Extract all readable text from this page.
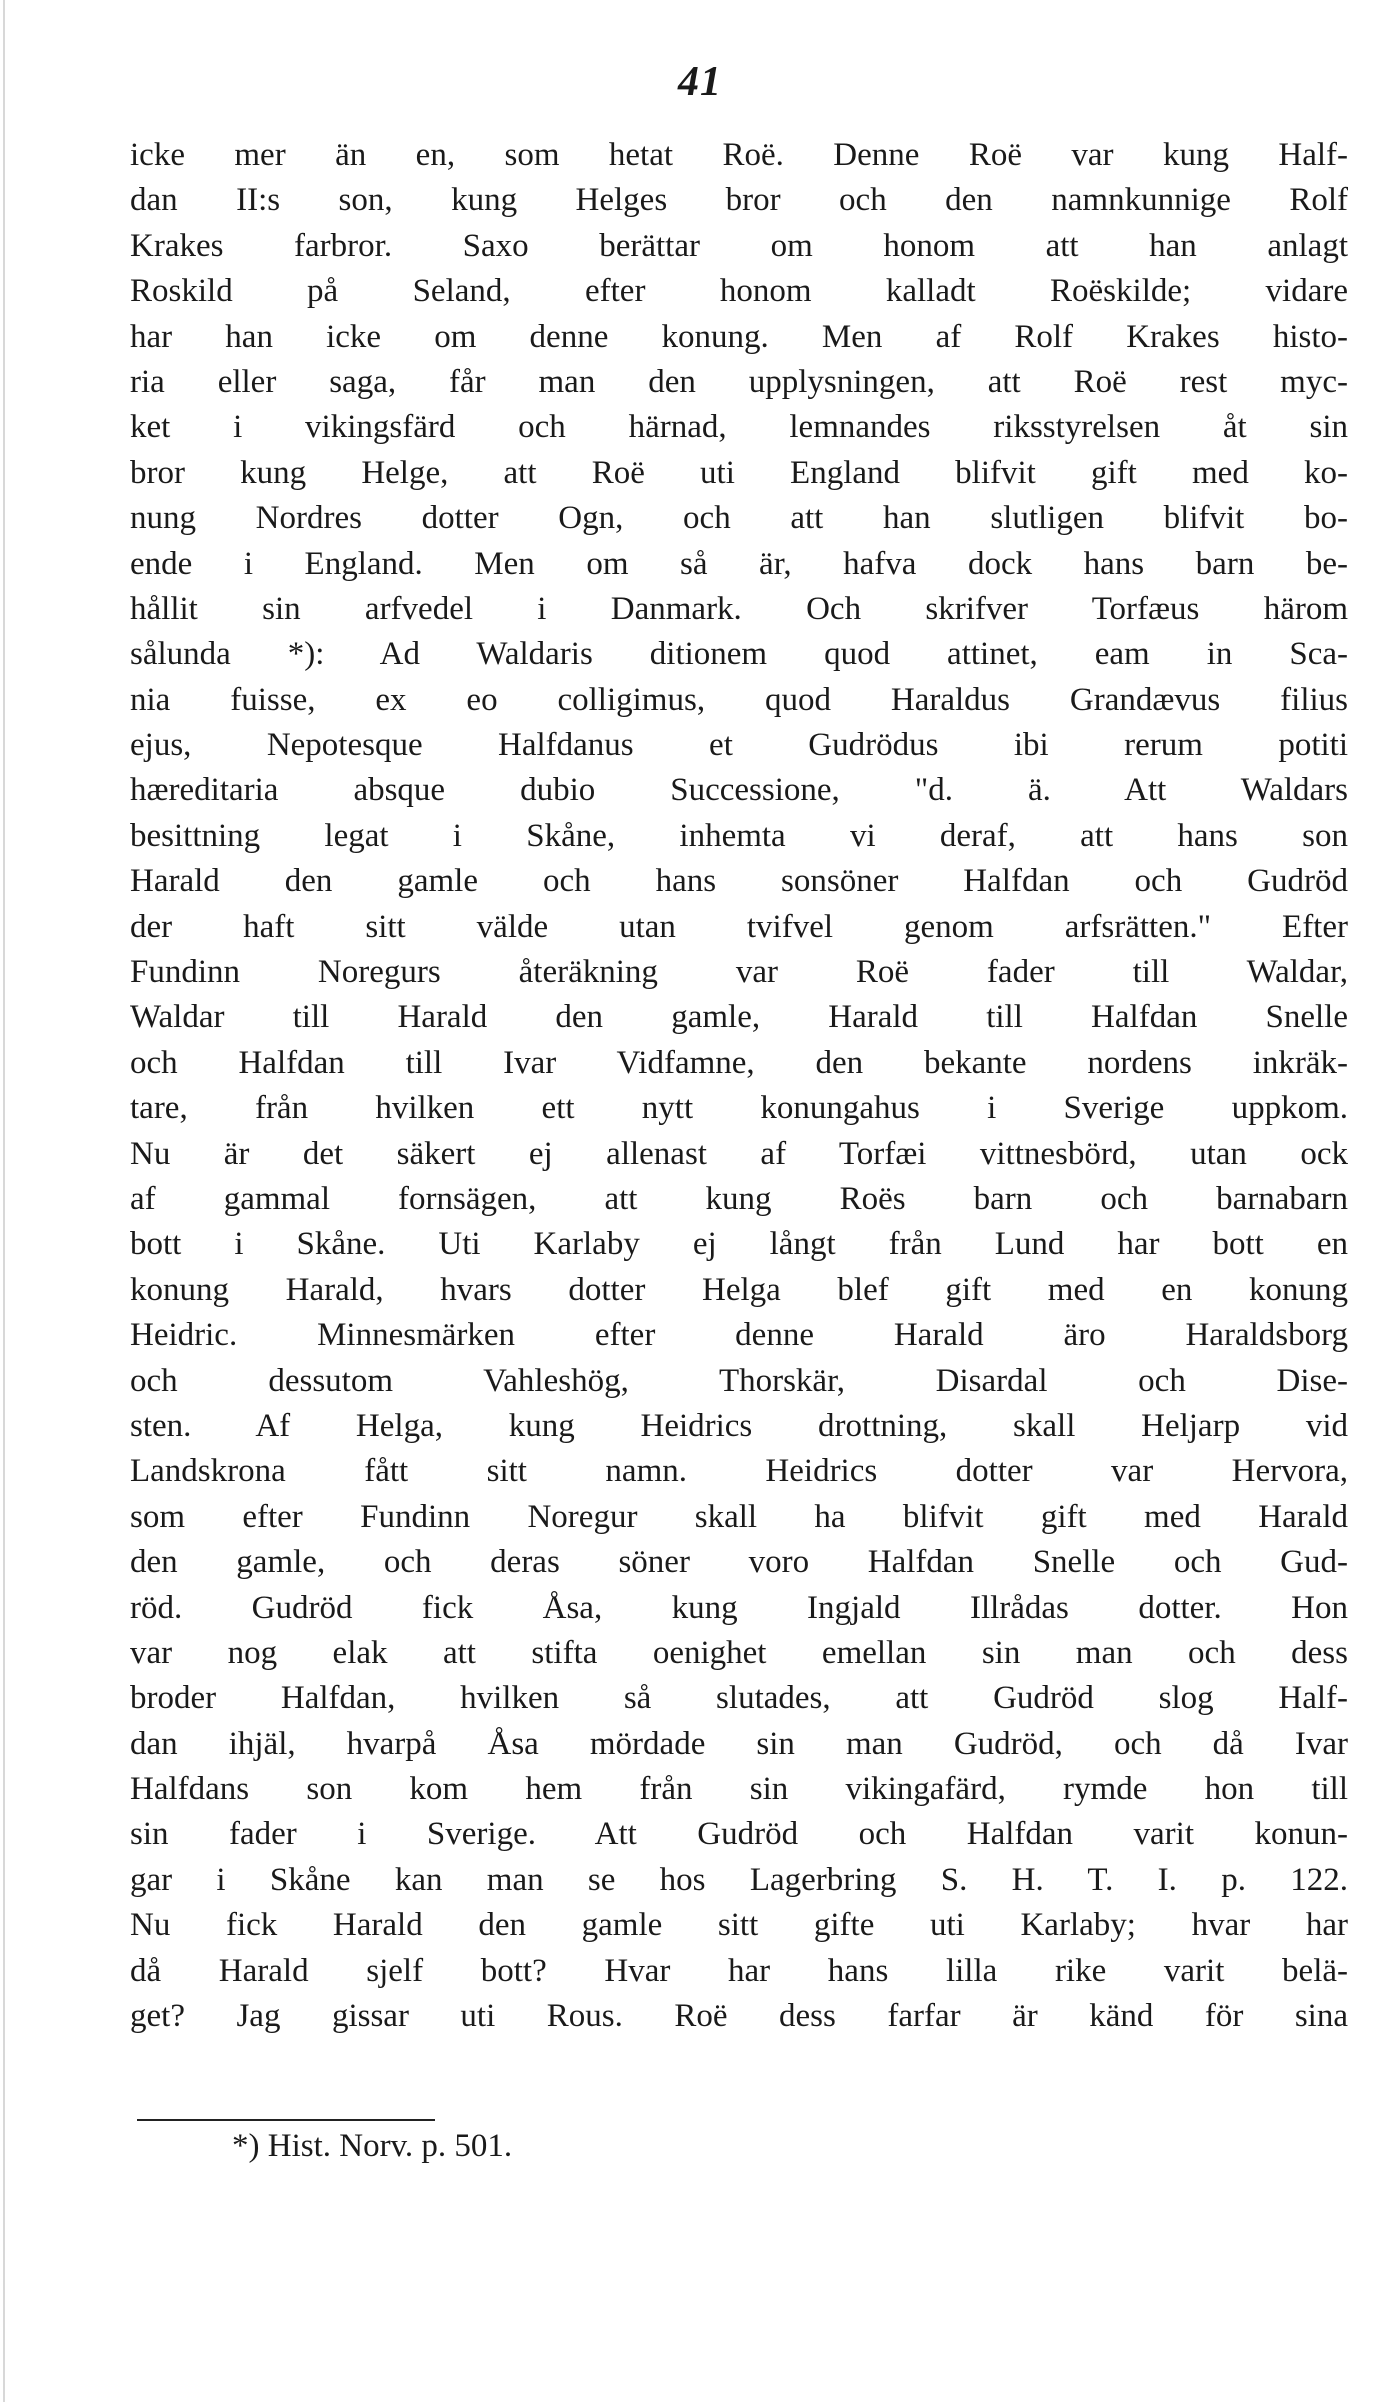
41
icke mer än en, som hetat Roë. Denne Roë var kung Half-
dan II:s son, kung Helges bror och den namnkunnige Rolf
Krakes farbror. Saxo berättar om honom att han anlagt
Roskild på Seland, efter honom kalladt Roëskilde; vidare
har han icke om denne konung. Men af Rolf Krakes histo-
ria eller saga, får man den upplysningen, att Roë rest myc-
ket i vikingsfärd och härnad, lemnandes riksstyrelsen åt sin
bror kung Helge, att Roë uti England blifvit gift med ko-
nung Nordres dotter Ogn, och att han slutligen blifvit bo-
ende i England. Men om så är, hafva dock hans barn be-
hållit sin arfvedel i Danmark. Och skrifver Torfæus härom
sålunda *): Ad Waldaris ditionem quod attinet, eam in Sca-
nia fuisse, ex eo colligimus, quod Haraldus Grandævus filius
ejus, Nepotesque Halfdanus et Gudrödus ibi rerum potiti
hæreditaria absque dubio Successione, "d. ä. Att Waldars
besittning legat i Skåne, inhemta vi deraf, att hans son
Harald den gamle och hans sonsöner Halfdan och Gudröd
der haft sitt välde utan tvifvel genom arfsrätten." Efter
Fundinn Noregurs återäkning var Roë fader till Waldar,
Waldar till Harald den gamle, Harald till Halfdan Snelle
och Halfdan till Ivar Vidfamne, den bekante nordens inkräk-
tare, från hvilken ett nytt konungahus i Sverige uppkom.
Nu är det säkert ej allenast af Torfæi vittnesbörd, utan ock
af gammal fornsägen, att kung Roës barn och barnabarn
bott i Skåne. Uti Karlaby ej långt från Lund har bott en
konung Harald, hvars dotter Helga blef gift med en konung
Heidric. Minnesmärken efter denne Harald äro Haraldsborg
och dessutom Vahleshög, Thorskär, Disardal och Dise-
sten. Af Helga, kung Heidrics drottning, skall Heljarp vid
Landskrona fått sitt namn. Heidrics dotter var Hervora,
som efter Fundinn Noregur skall ha blifvit gift med Harald
den gamle, och deras söner voro Halfdan Snelle och Gud-
röd. Gudröd fick Åsa, kung Ingjald Illrådas dotter. Hon
var nog elak att stifta oenighet emellan sin man och dess
broder Halfdan, hvilken så slutades, att Gudröd slog Half-
dan ihjäl, hvarpå Åsa mördade sin man Gudröd, och då Ivar
Halfdans son kom hem från sin vikingafärd, rymde hon till
sin fader i Sverige. Att Gudröd och Halfdan varit konun-
gar i Skåne kan man se hos Lagerbring S. H. T. I. p. 122.
Nu fick Harald den gamle sitt gifte uti Karlaby; hvar har
då Harald sjelf bott? Hvar har hans lilla rike varit belä-
get? Jag gissar uti Rous. Roë dess farfar är känd för sina
*) Hist. Norv. p. 501.
